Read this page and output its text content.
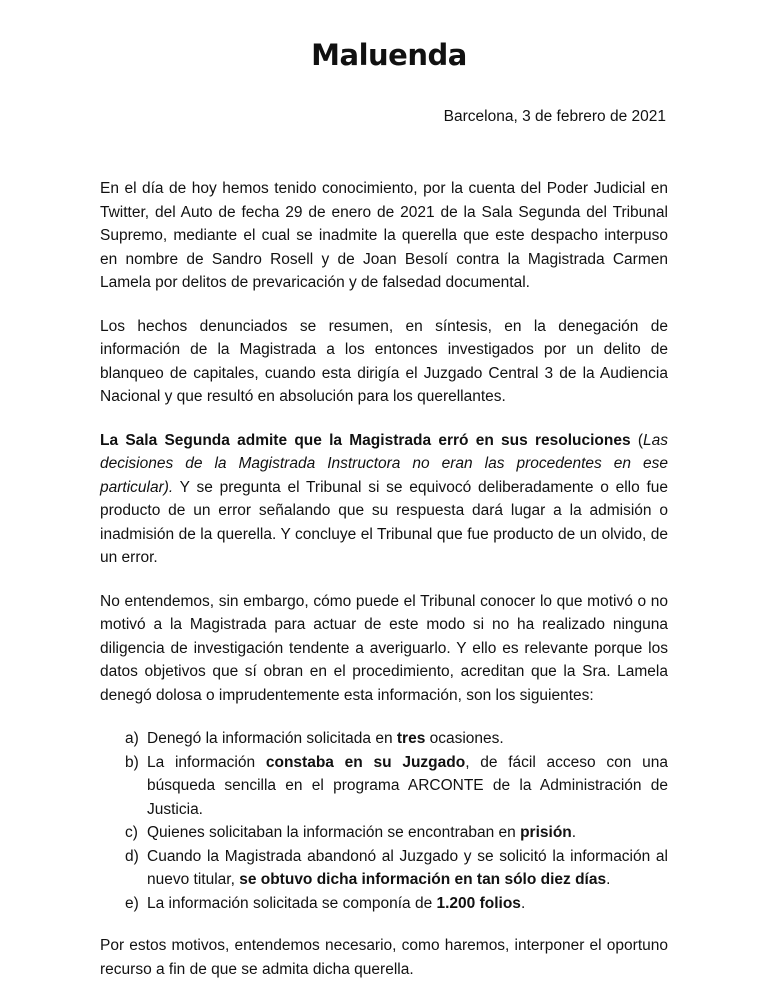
Maluenda
Barcelona, 3 de febrero de 2021

En el día de hoy hemos tenido conocimiento, por la cuenta del Poder Judicial en Twitter, del Auto de fecha 29 de enero de 2021 de la Sala Segunda del Tribunal Supremo, mediante el cual se inadmite la querella que este despacho interpuso en nombre de Sandro Rosell y de Joan Besolí contra la Magistrada Carmen Lamela por delitos de prevaricación y de falsedad documental.

Los hechos denunciados se resumen, en síntesis, en la denegación de información de la Magistrada a los entonces investigados por un delito de blanqueo de capitales, cuando esta dirigía el Juzgado Central 3 de la Audiencia Nacional y que resultó en absolución para los querellantes.

La Sala Segunda admite que la Magistrada erró en sus resoluciones (Las decisiones de la Magistrada Instructora no eran las procedentes en ese particular). Y se pregunta el Tribunal si se equivocó deliberadamente o ello fue producto de un error señalando que su respuesta dará lugar a la admisión o inadmisión de la querella. Y concluye el Tribunal que fue producto de un olvido, de un error.

No entendemos, sin embargo, cómo puede el Tribunal conocer lo que motivó o no motivó a la Magistrada para actuar de este modo si no ha realizado ninguna diligencia de investigación tendente a averiguarlo. Y ello es relevante porque los datos objetivos que sí obran en el procedimiento, acreditan que la Sra. Lamela denegó dolosa o imprudentemente esta información, son los siguientes:

a) Denegó la información solicitada en tres ocasiones.
b) La información constaba en su Juzgado, de fácil acceso con una búsqueda sencilla en el programa ARCONTE de la Administración de Justicia.
c) Quienes solicitaban la información se encontraban en prisión.
d) Cuando la Magistrada abandonó al Juzgado y se solicitó la información al nuevo titular, se obtuvo dicha información en tan sólo diez días.
e) La información solicitada se componía de 1.200 folios.

Por estos motivos, entendemos necesario, como haremos, interponer el oportuno recurso a fin de que se admita dicha querella.
